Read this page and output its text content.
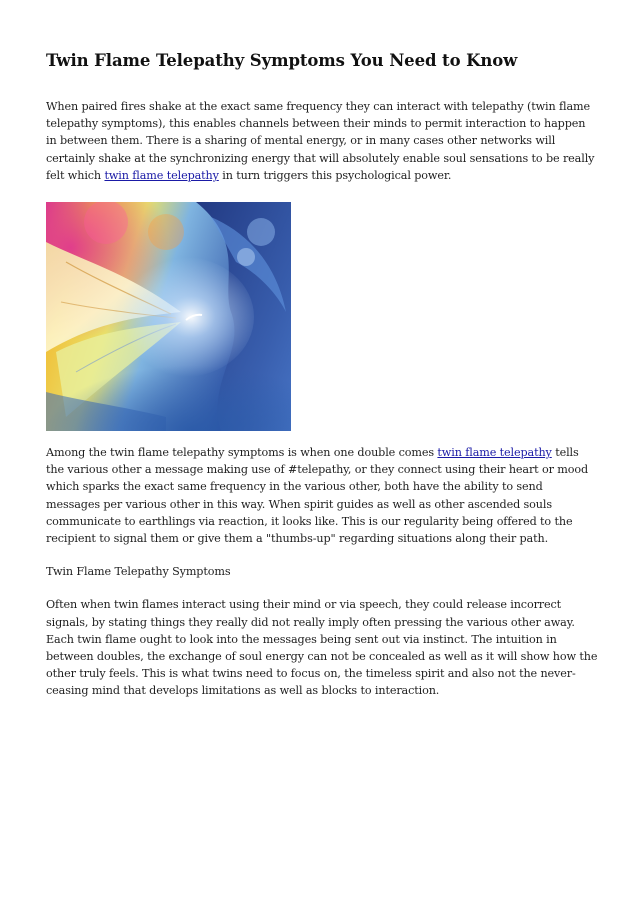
Twin Flame Telepathy Symptoms You Need to Know

When paired fires shake at the exact same frequency they can interact with telepathy (twin flame telepathy symptoms), this enables channels between their minds to permit interaction to happen in between them. There is a sharing of mental energy, or in many cases other networks will certainly shake at the synchronizing energy that will absolutely enable soul sensations to be really felt which twin flame telepathy in turn triggers this psychological power.

Among the twin flame telepathy symptoms is when one double comes twin flame telepathy tells the various other a message making use of #telepathy, or they connect using their heart or mood which sparks the exact same frequency in the various other, both have the ability to send messages per various other in this way. When spirit guides as well as other ascended souls communicate to earthlings via reaction, it looks like. This is our regularity being offered to the recipient to signal them or give them a "thumbs-up" regarding situations along their path.

Twin Flame Telepathy Symptoms

Often when twin flames interact using their mind or via speech, they could release incorrect signals, by stating things they really did not really imply often pressing the various other away. Each twin flame ought to look into the messages being sent out via instinct. The intuition in between doubles, the exchange of soul energy can not be concealed as well as it will show how the other truly feels. This is what twins need to focus on, the timeless spirit and also not the never-ceasing mind that develops limitations as well as blocks to interaction.
